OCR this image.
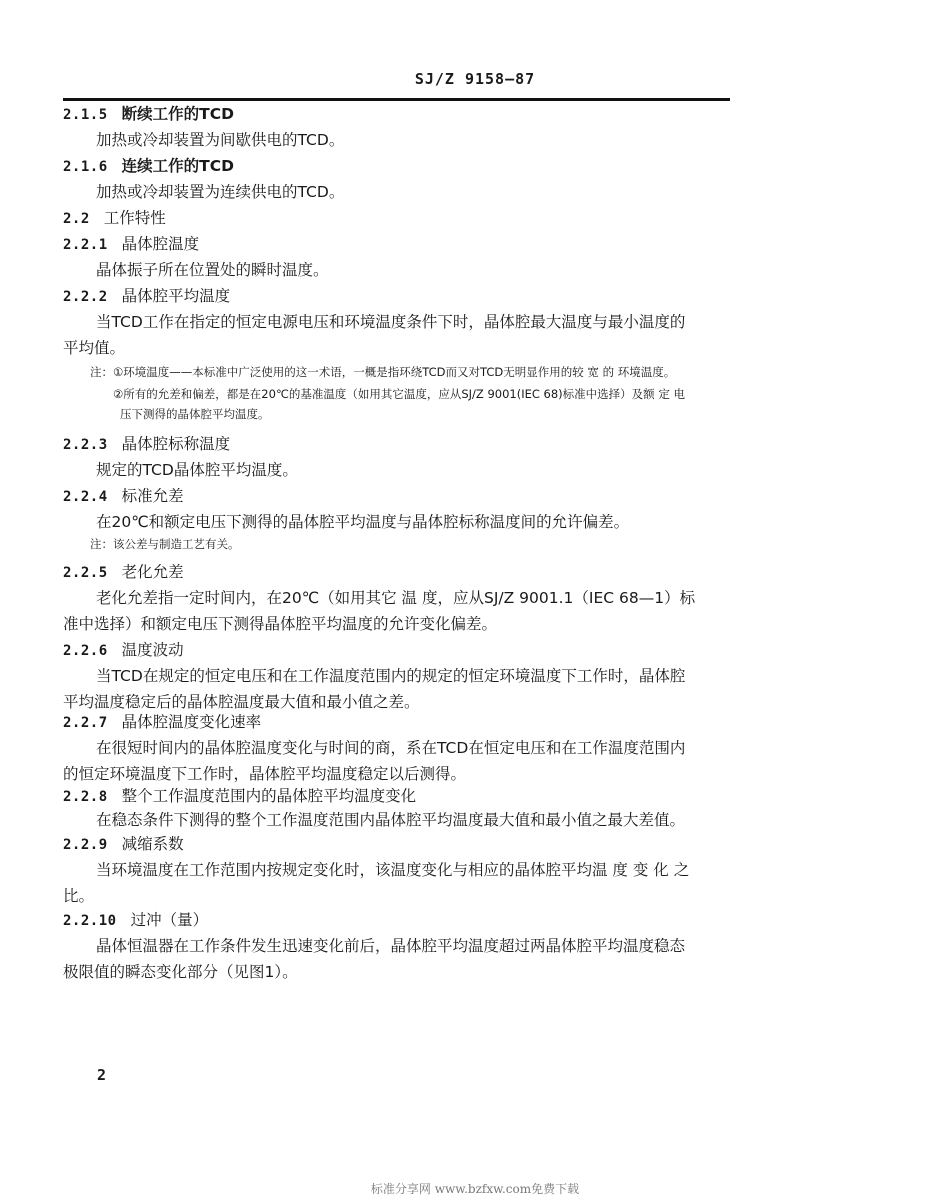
SJ/Z 9158—87
2.1.5 断续工作的TCD
加热或冷却装置为间歇供电的TCD。
2.1.6 连续工作的TCD
加热或冷却装置为连续供电的TCD。
2.2 工作特性
2.2.1 晶体腔温度
晶体振子所在位置处的瞬时温度。
2.2.2 晶体腔平均温度
当TCD工作在指定的恒定电源电压和环境温度条件下时，晶体腔最大温度与最小温度的
平均值。
注：①环境温度——本标准中广泛使用的这一术语，一概是指环绕TCD而又对TCD无明显作用的较 宽 的 环境温度。
②所有的允差和偏差，都是在20℃的基准温度（如用其它温度，应从SJ/Z 9001(IEC 68)标准中选择）及额 定 电
压下测得的晶体腔平均温度。
2.2.3 晶体腔标称温度
规定的TCD晶体腔平均温度。
2.2.4 标准允差
在20℃和额定电压下测得的晶体腔平均温度与晶体腔标称温度间的允许偏差。
注：该公差与制造工艺有关。
2.2.5 老化允差
老化允差指一定时间内，在20℃（如用其它 温 度，应从SJ/Z 9001.1（IEC 68—1）标
准中选择）和额定电压下测得晶体腔平均温度的允许变化偏差。
2.2.6 温度波动
当TCD在规定的恒定电压和在工作温度范围内的规定的恒定环境温度下工作时，晶体腔
平均温度稳定后的晶体腔温度最大值和最小值之差。
2.2.7 晶体腔温度变化速率
在很短时间内的晶体腔温度变化与时间的商，系在TCD在恒定电压和在工作温度范围内
的恒定环境温度下工作时，晶体腔平均温度稳定以后测得。
2.2.8 整个工作温度范围内的晶体腔平均温度变化
在稳态条件下测得的整个工作温度范围内晶体腔平均温度最大值和最小值之最大差值。
2.2.9 减缩系数
当环境温度在工作范围内按规定变化时，该温度变化与相应的晶体腔平均温 度 变 化 之
比。
2.2.10 过冲（量）
晶体恒温器在工作条件发生迅速变化前后，晶体腔平均温度超过两晶体腔平均温度稳态
极限值的瞬态变化部分（见图1）。
2
标准分享网 www.bzfxw.com免费下载
